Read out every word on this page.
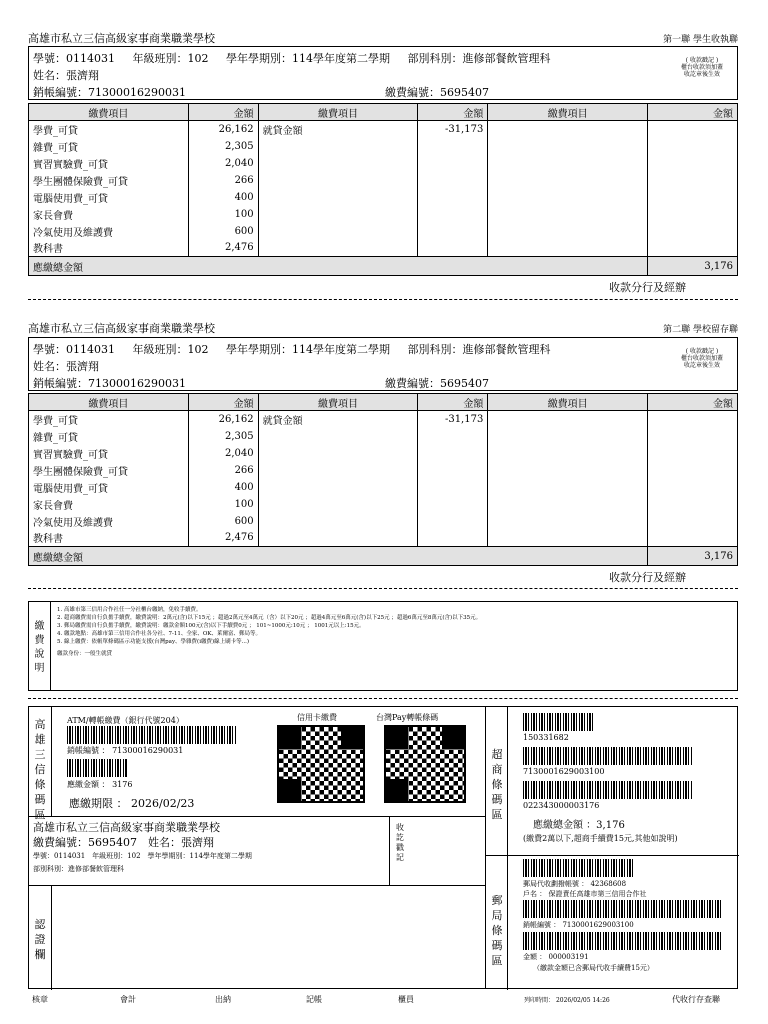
高雄市私立三信高級家事商業職業學校	第一聯 學生收執聯
學號：0114031 年級班別：102 學年學期別：114學年度第二學期 部別科別：進修部餐飲管理科
姓名：張濟翔
銷帳編號：71300016290031	繳費編號：5695407
( 收款戳記 )
櫃台收款須加蓋
收訖章後生效
繳費項目	金額	繳費項目	金額	繳費項目	金額
學費_可貸	26,162	就貸金額	-31,173		
雜費_可貸	2,305				
實習實驗費_可貸	2,040				
學生團體保險費_可貸	266				
電腦使用費_可貸	400				
家長會費	100				
冷氣使用及維護費	600				
教科書	2,476				
應繳總金額					3,176
收款分行及經辦
高雄市私立三信高級家事商業職業學校	第二聯 學校留存聯
學號：0114031 年級班別：102 學年學期別：114學年度第二學期 部別科別：進修部餐飲管理科
姓名：張濟翔
銷帳編號：71300016290031	繳費編號：5695407
( 收款戳記 )
櫃台收款須加蓋
收訖章後生效
繳費項目	金額	繳費項目	金額	繳費項目	金額
學費_可貸	26,162	就貸金額	-31,173		
雜費_可貸	2,305				
實習實驗費_可貸	2,040				
學生團體保險費_可貸	266				
電腦使用費_可貸	400				
家長會費	100				
冷氣使用及維護費	600				
教科書	2,476				
應繳總金額					3,176
收款分行及經辦
繳
費
說
明
1. 高雄市第三信用合作社任一分社櫃台繳納，免收手續費。
2. 超商繳費需自行負擔手續費，繳費說明：2萬元(含)以下15元 ；超過2萬元至4萬元（含）以下20元 ；超過4萬元至6萬元(含)以下25元 ；超過6萬元至8萬元(含)以下35元。
3. 郵局繳費需自行負擔手續費，繳費說明：繳款金額100元(含)以下手續費0元 ； 101~1000元:10元 ； 1001元以上:15元。
4. 繳款地點：高雄市第三信用合作社各分社、7-11、全家、OK、萊爾富、郵局等。
5. 線上繳費：依帳單條碼區示功能支援(台灣pay、學雜費(i繳費)線上刷卡等...)
繳款身份：一般生就貸
高
雄
三
信
條
碼
區
ATM/轉帳繳費（銀行代號204）
銷帳編號 ： 71300016290031
應繳金額 ： 3176
應繳期限 ： 2026/02/23
信用卡繳費	台灣Pay轉帳條碼
高雄市私立三信高級家事商業職業學校
繳費編號：5695407　姓名：張濟翔
學號：0114031　年級班別：102　學年學期別：114學年度第二學期
部別科別：進修部餐飲管理科
收
訖
戳
記
認
證
欄
超
商
條
碼
區
150331682
7130001629003100
022343000003176
應繳總金額 ：3,176
(繳費2萬以下,超商手續費15元,其他如說明)
郵
局
條
碼
區
郵局代收劃撥帳號 ： 42368608
戶名 ： 保證責任高雄市第三信用合作社
銷帳編號 ： 7130001629003100
金額 ： 000003191
（繳款金額已含郵局代收手續費15元）
核章	會計	出納	記帳	櫃員	列印時間： 2026/02/05 14:26	代收行存查聯
